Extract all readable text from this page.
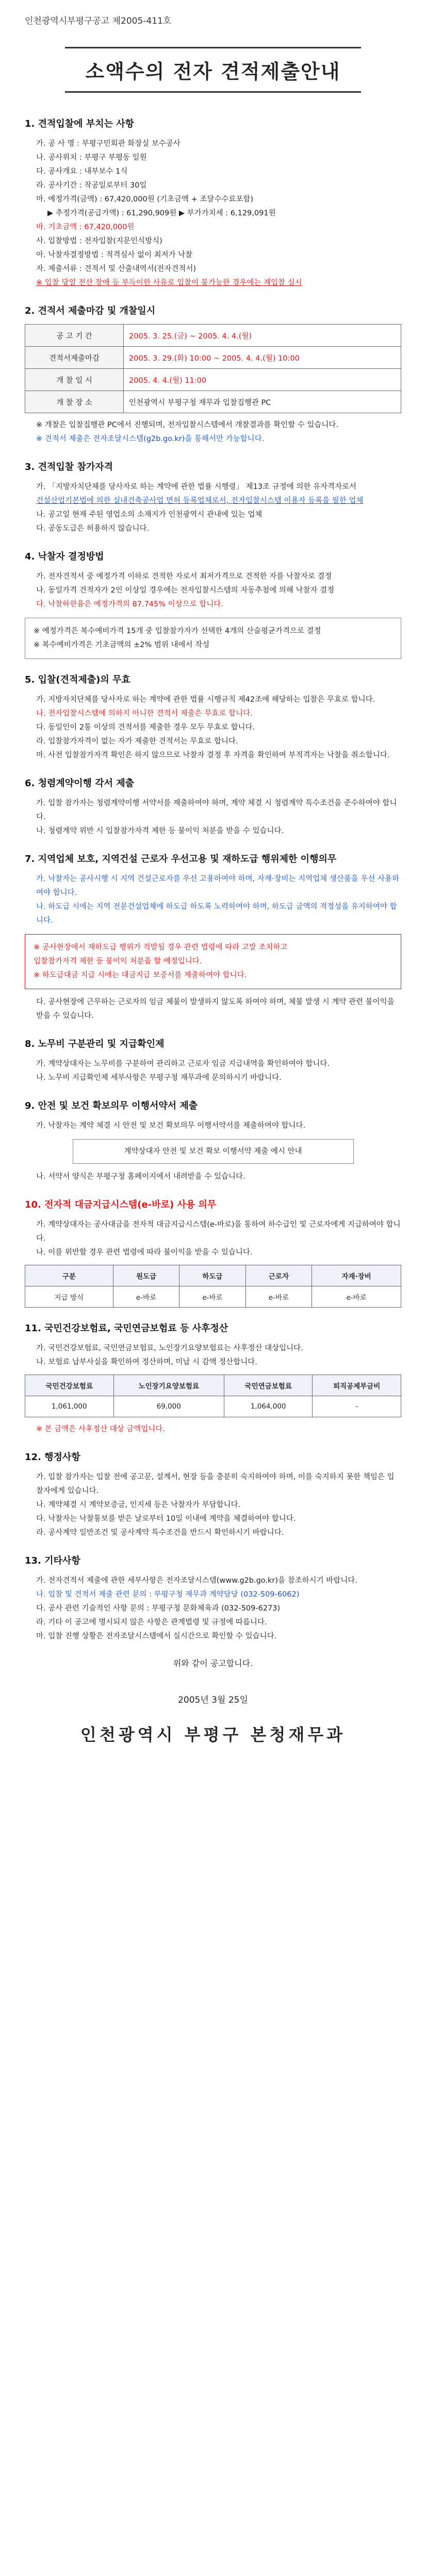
인천광역시부평구공고 제2005-411호
소액수의 전자 견적제출안내
1. 견적입찰에 부치는 사항
가. 공 사 명 : 부평구민회관 화장실 보수공사
나. 공사위치 : 부평구 부평동 일원
다. 공사개요 : 내부보수 1식
라. 공사기간 : 착공일로부터 30일
마. 예정가격(금액) : 67,420,000원 (기초금액 + 조달수수료포함)
▶ 추정가격(공급가액) : 61,290,909원 ▶ 부가가치세 : 6,129,091원
바. 기초금액 : 67,420,000원
사. 입찰방법 : 전자입찰(지문인식방식)
아. 낙찰자결정방법 : 적격심사 없이 최저가 낙찰
자. 제출서류 : 견적서 및 산출내역서(전자견적서)
※ 입찰 당일 전산 장애 등 부득이한 사유로 입찰이 불가능한 경우에는 재입찰 실시
2. 견적서 제출마감 및 개찰일시
공 고 기 간	2005. 3. 25.(금) ~ 2005. 4. 4.(월)
견적서제출마감	2005. 3. 29.(화) 10:00 ~ 2005. 4. 4.(월) 10:00
개 찰 일 시	2005. 4. 4.(월) 11:00
개 찰 장 소	인천광역시 부평구청 재무과 입찰집행관 PC
※ 개찰은 입찰집행관 PC에서 진행되며, 전자입찰시스템에서 개찰결과를 확인할 수 있습니다.
※ 견적서 제출은 전자조달시스템(g2b.go.kr)을 통해서만 가능합니다.
3. 견적입찰 참가자격
가. 「지방자치단체를 당사자로 하는 계약에 관한 법률 시행령」 제13조 규정에 의한 유자격자로서
건설산업기본법에 의한 실내건축공사업 면허 등록업체로서, 전자입찰시스템 이용자 등록을 필한 업체
나. 공고일 현재 주된 영업소의 소재지가 인천광역시 관내에 있는 업체
다. 공동도급은 허용하지 않습니다.
4. 낙찰자 결정방법
가. 전자견적서 중 예정가격 이하로 견적한 자로서 최저가격으로 견적한 자를 낙찰자로 결정
나. 동일가격 견적자가 2인 이상일 경우에는 전자입찰시스템의 자동추첨에 의해 낙찰자 결정
다. 낙찰하한율은 예정가격의 87.745% 이상으로 합니다.
※ 예정가격은 복수예비가격 15개 중 입찰참가자가 선택한 4개의 산술평균가격으로 결정
※ 복수예비가격은 기초금액의 ±2% 범위 내에서 작성
5. 입찰(견적제출)의 무효
가. 지방자치단체를 당사자로 하는 계약에 관한 법률 시행규칙 제42조에 해당하는 입찰은 무효로 합니다.
나. 전자입찰시스템에 의하지 아니한 견적서 제출은 무효로 합니다.
다. 동일인이 2통 이상의 견적서를 제출한 경우 모두 무효로 합니다.
라. 입찰참가자격이 없는 자가 제출한 견적서는 무효로 합니다.
마. 사전 입찰참가자격 확인은 하지 않으므로 낙찰자 결정 후 자격을 확인하여 부적격자는 낙찰을 취소합니다.
6. 청렴계약이행 각서 제출
가. 입찰 참가자는 청렴계약이행 서약서를 제출하여야 하며, 계약 체결 시 청렴계약 특수조건을 준수하여야 합니다.
나. 청렴계약 위반 시 입찰참가자격 제한 등 불이익 처분을 받을 수 있습니다.
7. 지역업체 보호, 지역건설 근로자 우선고용 및 재하도급 행위제한 이행의무
가. 낙찰자는 공사시행 시 지역 건설근로자를 우선 고용하여야 하며, 자재·장비는 지역업체 생산품을 우선 사용하여야 합니다.
나. 하도급 시에는 지역 전문건설업체에 하도급 하도록 노력하여야 하며, 하도급 금액의 적정성을 유지하여야 합니다.
※ 공사현장에서 재하도급 행위가 적발될 경우 관련 법령에 따라 고발 조치하고
입찰참가자격 제한 등 불이익 처분을 할 예정입니다.
※ 하도급대금 지급 시에는 대금지급 보증서를 제출하여야 합니다.
다. 공사현장에 근무하는 근로자의 임금 체불이 발생하지 않도록 하여야 하며, 체불 발생 시 계약 관련 불이익을 받을 수 있습니다.
8. 노무비 구분관리 및 지급확인제
가. 계약상대자는 노무비를 구분하여 관리하고 근로자 임금 지급내역을 확인하여야 합니다.
나. 노무비 지급확인제 세부사항은 부평구청 재무과에 문의하시기 바랍니다.
9. 안전 및 보건 확보의무 이행서약서 제출
가. 낙찰자는 계약 체결 시 안전 및 보건 확보의무 이행서약서를 제출하여야 합니다.
계약상대자 안전 및 보건 확보 이행서약 제출 예시 안내
나. 서약서 양식은 부평구청 홈페이지에서 내려받을 수 있습니다.
10. 전자적 대금지급시스템(e-바로) 사용 의무
가. 계약상대자는 공사대금을 전자적 대금지급시스템(e-바로)을 통하여 하수급인 및 근로자에게 지급하여야 합니다.
나. 이를 위반할 경우 관련 법령에 따라 불이익을 받을 수 있습니다.
구분	원도급	하도급	근로자	자재·장비
지급 방식	e-바로	e-바로	e-바로	e-바로
11. 국민건강보험료, 국민연금보험료 등 사후정산
가. 국민건강보험료, 국민연금보험료, 노인장기요양보험료는 사후정산 대상입니다.
나. 보험료 납부사실을 확인하여 정산하며, 미납 시 감액 정산합니다.
국민건강보험료	노인장기요양보험료	국민연금보험료	퇴직공제부금비
1,061,000	69,000	1,064,000	-
※ 본 금액은 사후정산 대상 금액입니다.
12. 행정사항
가. 입찰 참가자는 입찰 전에 공고문, 설계서, 현장 등을 충분히 숙지하여야 하며, 이를 숙지하지 못한 책임은 입찰자에게 있습니다.
나. 계약체결 시 계약보증금, 인지세 등은 낙찰자가 부담합니다.
다. 낙찰자는 낙찰통보를 받은 날로부터 10일 이내에 계약을 체결하여야 합니다.
라. 공사계약 일반조건 및 공사계약 특수조건을 반드시 확인하시기 바랍니다.
13. 기타사항
가. 전자견적서 제출에 관한 세부사항은 전자조달시스템(www.g2b.go.kr)을 참조하시기 바랍니다.
나. 입찰 및 견적서 제출 관련 문의 : 부평구청 재무과 계약담당 (032-509-6062)
다. 공사 관련 기술적인 사항 문의 : 부평구청 문화체육과 (032-509-6273)
라. 기타 이 공고에 명시되지 않은 사항은 관계법령 및 규정에 따릅니다.
마. 입찰 진행 상황은 전자조달시스템에서 실시간으로 확인할 수 있습니다.
위와 같이 공고합니다.
2005년 3월 25일
인천광역시 부평구 본청재무과
